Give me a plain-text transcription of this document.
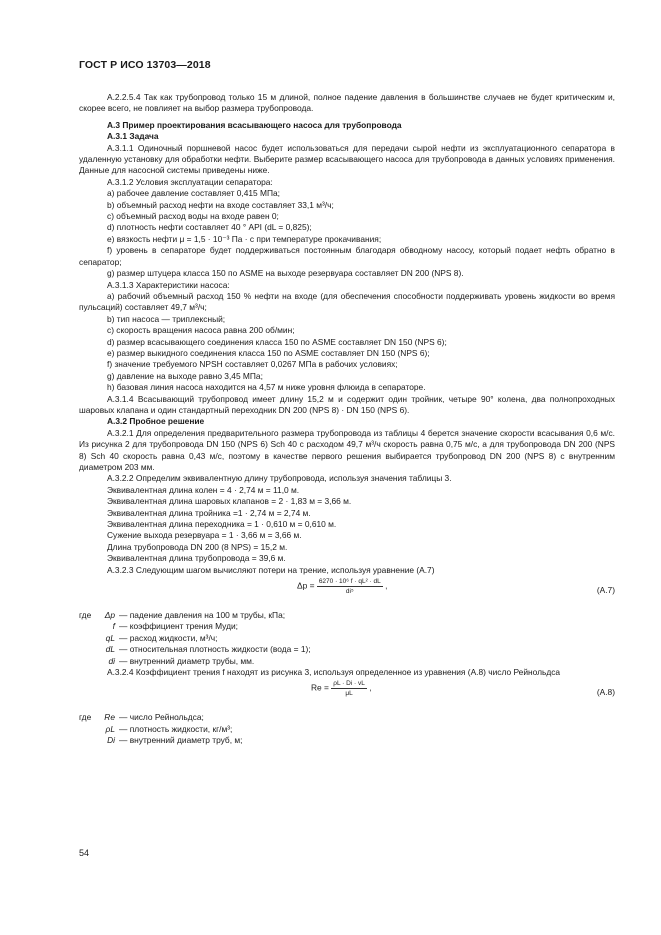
ГОСТ Р ИСО 13703—2018

A.2.2.5.4 Так как трубопровод только 15 м длиной, полное падение давления в большинстве случаев не будет критическим и, скорее всего, не повлияет на выбор размера трубопровода.

A.3 Пример проектирования всасывающего насоса для трубопровода

A.3.1 Задача

A.3.1.1 Одиночный поршневой насос будет использоваться для передачи сырой нефти из эксплуатационного сепаратора в удаленную установку для обработки нефти. Выберите размер всасывающего насоса для трубопровода в данных условиях применения. Данные для насосной системы приведены ниже.

A.3.1.2 Условия эксплуатации сепаратора:

a) рабочее давление составляет 0,415 МПа;

b) объемный расход нефти на входе составляет 33,1 м³/ч;

c) объемный расход воды на входе равен 0;

d) плотность нефти составляет 40 ° API (dL = 0,825);

e) вязкость нефти μ = 1,5 · 10⁻³ Па · с при температуре прокачивания;

f) уровень в сепараторе будет поддерживаться постоянным благодаря обводному насосу, который подает нефть обратно в сепаратор;

g) размер штуцера класса 150 по ASME на выходе резервуара составляет DN 200 (NPS 8).

A.3.1.3 Характеристики насоса:

a) рабочий объемный расход 150 % нефти на входе (для обеспечения способности поддерживать уровень жидкости во время пульсаций) составляет 49,7 м³/ч;

b) тип насоса — триплексный;

c) скорость вращения насоса равна 200 об/мин;

d) размер всасывающего соединения класса 150 по ASME составляет DN 150 (NPS 6);

e) размер выкидного соединения класса 150 по ASME составляет DN 150 (NPS 6);

f) значение требуемого NPSH составляет 0,0267 МПа в рабочих условиях;

g) давление на выходе равно 3,45 МПа;

h) базовая линия насоса находится на 4,57 м ниже уровня флюида в сепараторе.

A.3.1.4 Всасывающий трубопровод имеет длину 15,2 м и содержит один тройник, четыре 90° колена, два полнопроходных шаровых клапана и один стандартный переходник DN 200 (NPS 8) · DN 150 (NPS 6).

A.3.2 Пробное решение

A.3.2.1 Для определения предварительного размера трубопровода из таблицы 4 берется значение скорости всасывания 0,6 м/с. Из рисунка 2 для трубопровода DN 150 (NPS 6) Sch 40 с расходом 49,7 м³/ч скорость равна 0,75 м/с, а для трубопровода DN 200 (NPS 8) Sch 40 скорость равна 0,43 м/с, поэтому в качестве первого решения выбирается трубопровод DN 200 (NPS 8) с внутренним диаметром 203 мм.

A.3.2.2 Определим эквивалентную длину трубопровода, используя значения таблицы 3.

Эквивалентная длина колен = 4 · 2,74 м = 11,0 м.

Эквивалентная длина шаровых клапанов = 2 · 1,83 м = 3,66 м.

Эквивалентная длина тройника =1 · 2,74 м = 2,74 м.

Эквивалентная длина переходника = 1 · 0,610 м = 0,610 м.

Сужение выхода резервуара = 1 · 3,66 м = 3,66 м.

Длина трубопровода DN 200 (8 NPS) = 15,2 м.

Эквивалентная длина трубопровода = 39,6 м.

A.3.2.3 Следующим шагом вычисляют потери на трение, используя уравнение (A.7)

$\Delta p = \frac{\text{6270 · 10⁶ f · qL² · dL}}{\text{di⁵}}$ ,	(A.7)
где	Δp — падение давления на 100 м трубы, кПа;
f — коэффициент трения Муди;
qL — расход жидкости, м³/ч;
dL — относительная плотность жидкости (вода = 1);
di — внутренний диаметр трубы, мм.

A.3.2.4 Коэффициент трения f находят из рисунка 3, используя определенное из уравнения (A.8) число Рейнольдса

$Re = \frac{\rho L \cdot Di \cdot vL}{\mu L}$ ,	(A.8)
где	Re — число Рейнольдса;
ρL — плотность жидкости, кг/м³;
Di — внутренний диаметр труб, м;
54
